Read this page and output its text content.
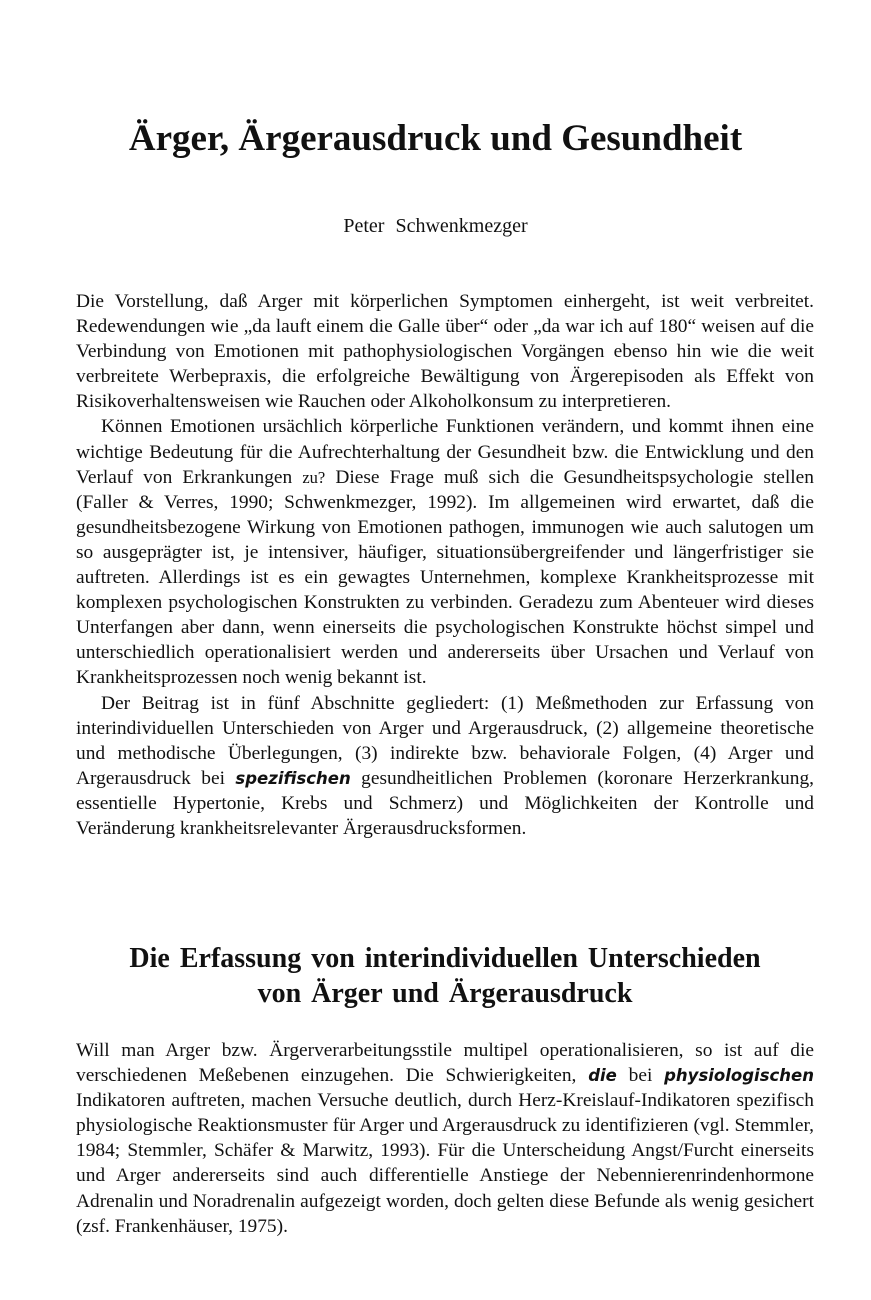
Ärger, Ärgerausdruck und Gesundheit
Peter Schwenkmezger

Die Vorstellung, daß Arger mit körperlichen Symptomen einhergeht, ist weit verbreitet. Redewendungen wie „da lauft einem die Galle über“ oder „da war ich auf 180“ weisen auf die Verbindung von Emotionen mit pathophysiologischen Vorgängen ebenso hin wie die weit verbreitete Werbepraxis, die erfolgreiche Bewältigung von Ärgerepisoden als Effekt von Risikoverhaltensweisen wie Rauchen oder Alkoholkonsum zu interpretieren.

Können Emotionen ursächlich körperliche Funktionen verändern, und kommt ihnen eine wichtige Bedeutung für die Aufrechterhaltung der Gesundheit bzw. die Entwicklung und den Verlauf von Erkrankungen zu? Diese Frage muß sich die Gesundheitspsychologie stellen (Faller & Verres, 1990; Schwenkmezger, 1992). Im allgemeinen wird erwartet, daß die gesundheitsbezogene Wirkung von Emotionen pathogen, immunogen wie auch salutogen um so ausgeprägter ist, je intensiver, häufiger, situationsübergreifender und längerfristiger sie auftreten. Allerdings ist es ein gewagtes Unternehmen, komplexe Krankheitsprozesse mit komplexen psychologischen Konstrukten zu verbinden. Geradezu zum Abenteuer wird dieses Unterfangen aber dann, wenn einerseits die psychologischen Konstrukte höchst simpel und unterschiedlich operationalisiert werden und andererseits über Ursachen und Verlauf von Krankheitsprozessen noch wenig bekannt ist.

Der Beitrag ist in fünf Abschnitte gegliedert: (1) Meßmethoden zur Erfassung von interindividuellen Unterschieden von Arger und Argerausdruck, (2) allgemeine theoretische und methodische Überlegungen, (3) indirekte bzw. behaviorale Folgen, (4) Arger und Argerausdruck bei spezifischen gesundheitlichen Problemen (koronare Herzerkrankung, essentielle Hypertonie, Krebs und Schmerz) und Möglichkeiten der Kontrolle und Veränderung krankheitsrelevanter Ärgerausdrucksformen.

Die Erfassung von interindividuellen Unterschieden
von Ärger und Ärgerausdruck

Will man Arger bzw. Ärgerverarbeitungsstile multipel operationalisieren, so ist auf die verschiedenen Meßebenen einzugehen. Die Schwierigkeiten, die bei physiologischen Indikatoren auftreten, machen Versuche deutlich, durch Herz-Kreislauf-Indikatoren spezifisch physiologische Reaktionsmuster für Arger und Argerausdruck zu identifizieren (vgl. Stemmler, 1984; Stemmler, Schäfer & Marwitz, 1993). Für die Unterscheidung Angst/Furcht einerseits und Arger andererseits sind auch differentielle Anstiege der Nebennierenrindenhormone Adrenalin und Noradrenalin aufgezeigt worden, doch gelten diese Befunde als wenig gesichert (zsf. Frankenhäuser, 1975).
